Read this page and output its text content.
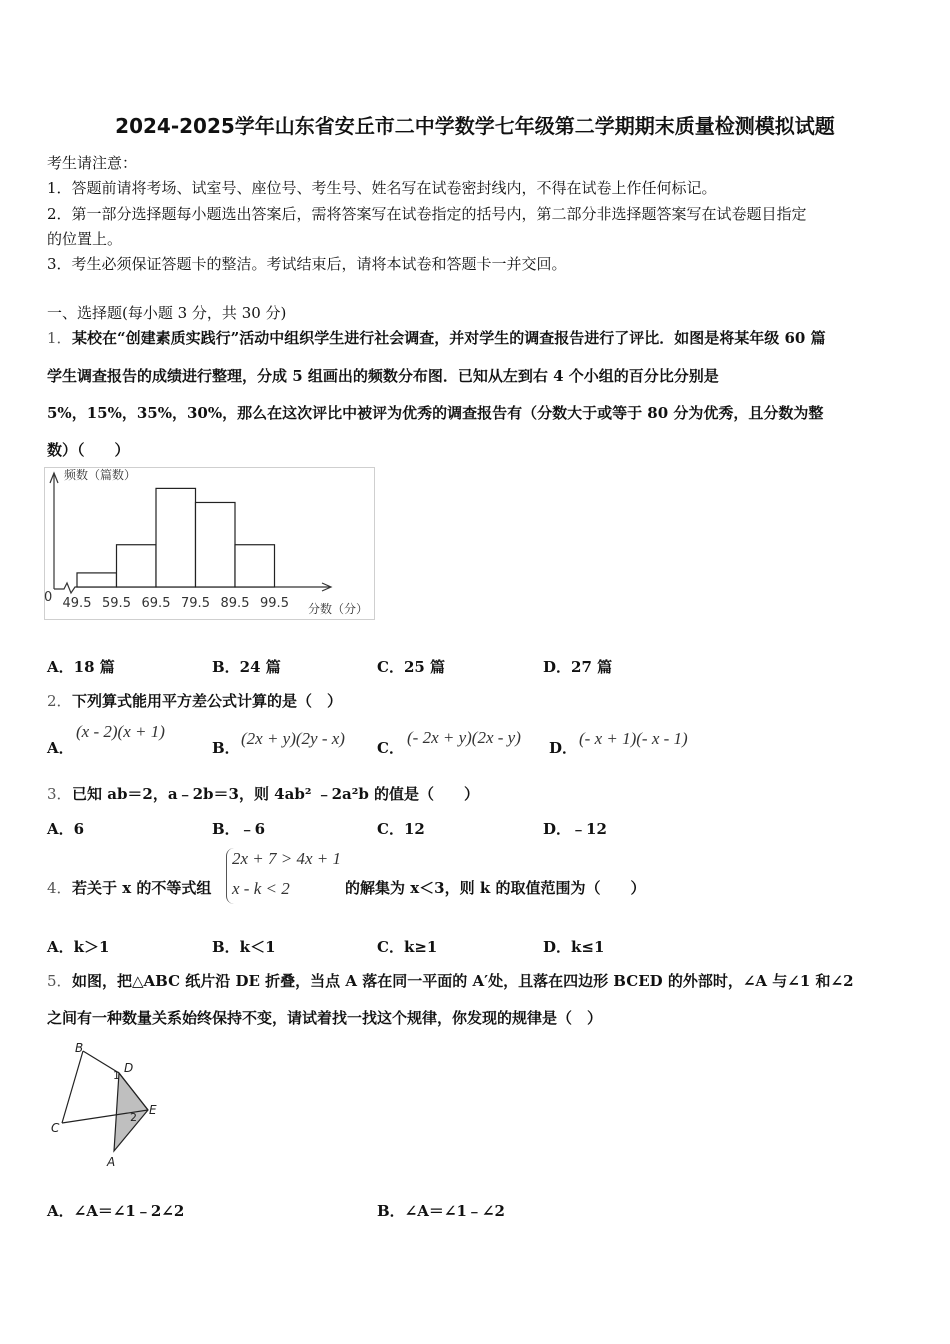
2024-2025学年山东省安丘市二中学数学七年级第二学期期末质量检测模拟试题
考生请注意：
1．答题前请将考场、试室号、座位号、考生号、姓名写在试卷密封线内，不得在试卷上作任何标记。
2．第一部分选择题每小题选出答案后，需将答案写在试卷指定的括号内，第二部分非选择题答案写在试卷题目指定
的位置上。
3．考生必须保证答题卡的整洁。考试结束后，请将本试卷和答题卡一并交回。
一、选择题(每小题 3 分，共 30 分)
1． 某校在“创建素质实践行”活动中组织学生进行社会调查，并对学生的调查报告进行了评比．如图是将某年级 60 篇
学生调查报告的成绩进行整理，分成 5 组画出的频数分布图．已知从左到右 4 个小组的百分比分别是
5%，15%，35%，30%，那么在这次评比中被评为优秀的调查报告有（分数大于或等于 80 分为优秀，且分数为整
数）（　　）
频数（篇数）
分数（分）
0 49.5 59.5 69.5 79.5 89.5 99.5
A．18 篇	B．24 篇	C．25 篇	D．27 篇
2． 下列算式能用平方差公式计算的是（　）
A．
(x - 2)(x + 1)
B． (2x + y)(2y - x) C．
(- 2x + y)(2x - y)
D． (- x + 1)(- x - 1)
3． 已知 ab＝2，a﹣2b＝3，则 4ab² ﹣2a²b 的值是（　　）
A．6	B．﹣6	C．12	D．﹣12
4． 若关于 x 的不等式组
2x + 7 > 4x + 1
x - k < 2	的解集为 x＜3，则 k 的取值范围为（　　）
A．k＞1	B．k＜1	C．k≥1	D．k≤1
5． 如图，把△ABC 纸片沿 DE 折叠，当点 A 落在同一平面的 A′处，且落在四边形 BCED 的外部时，∠A 与∠1 和∠2
之间有一种数量关系始终保持不变，请试着找一找这个规律，你发现的规律是（　）
B
C
D
E
A
1
2
A．∠A＝∠1﹣2∠2	B．∠A＝∠1﹣∠2
